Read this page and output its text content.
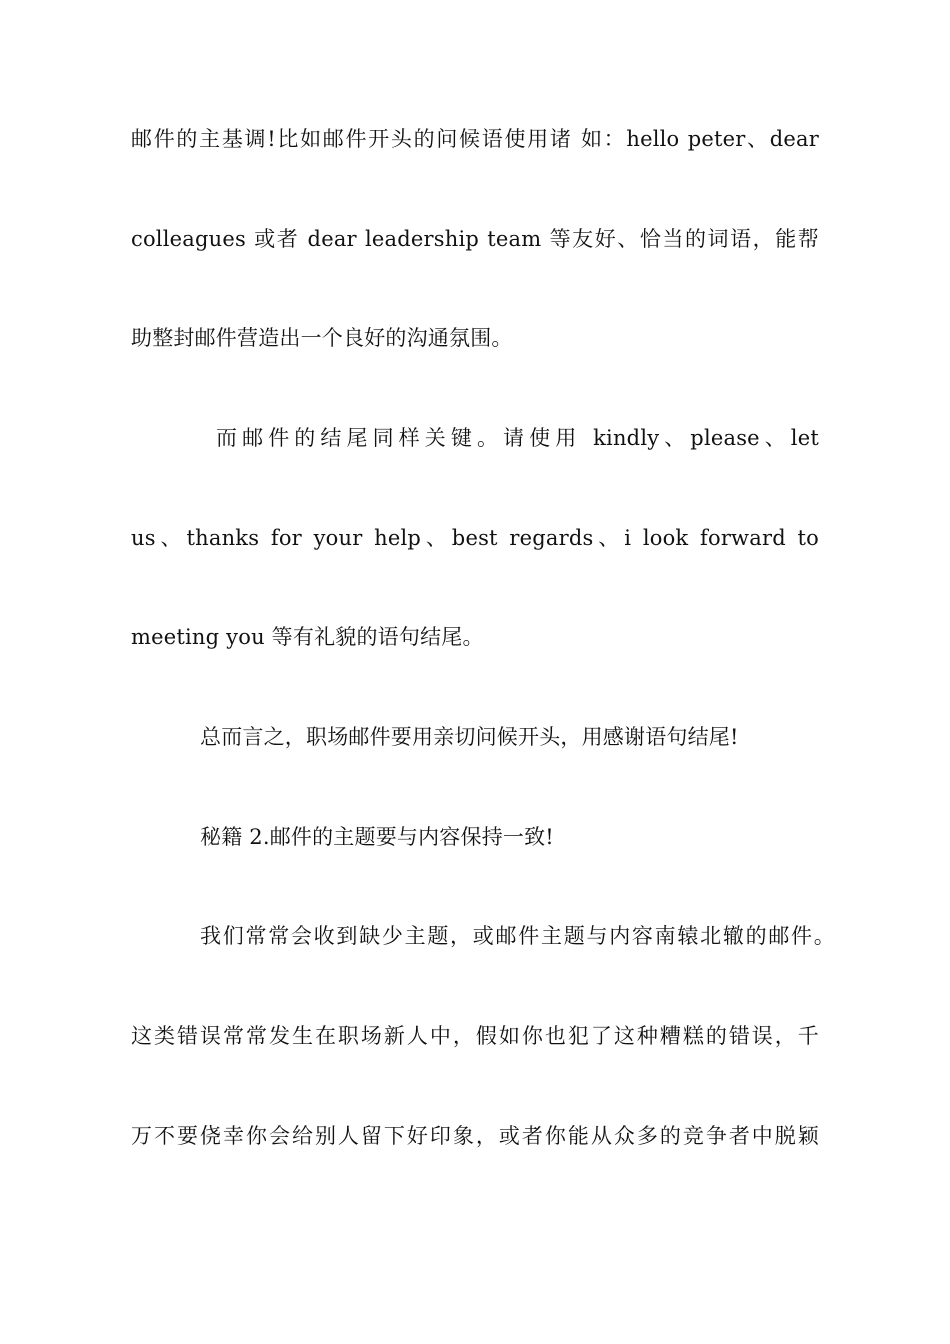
邮件的主基调!比如邮件开头的问候语使用诸 如：hello peter、dear
colleagues 或者 dear leadership team 等友好、恰当的词语，能帮
助整封邮件营造出一个良好的沟通氛围。
而邮件的结尾同样关键。请使用 kindly、please、let
us、thanks for your help、best regards、i look forward to
meeting you 等有礼貌的语句结尾。
总而言之，职场邮件要用亲切问候开头，用感谢语句结尾!
秘籍 2.邮件的主题要与内容保持一致!
我们常常会收到缺少主题，或邮件主题与内容南辕北辙的邮件。
这类错误常常发生在职场新人中，假如你也犯了这种糟糕的错误，千
万不要侥幸你会给别人留下好印象，或者你能从众多的竞争者中脱颖
